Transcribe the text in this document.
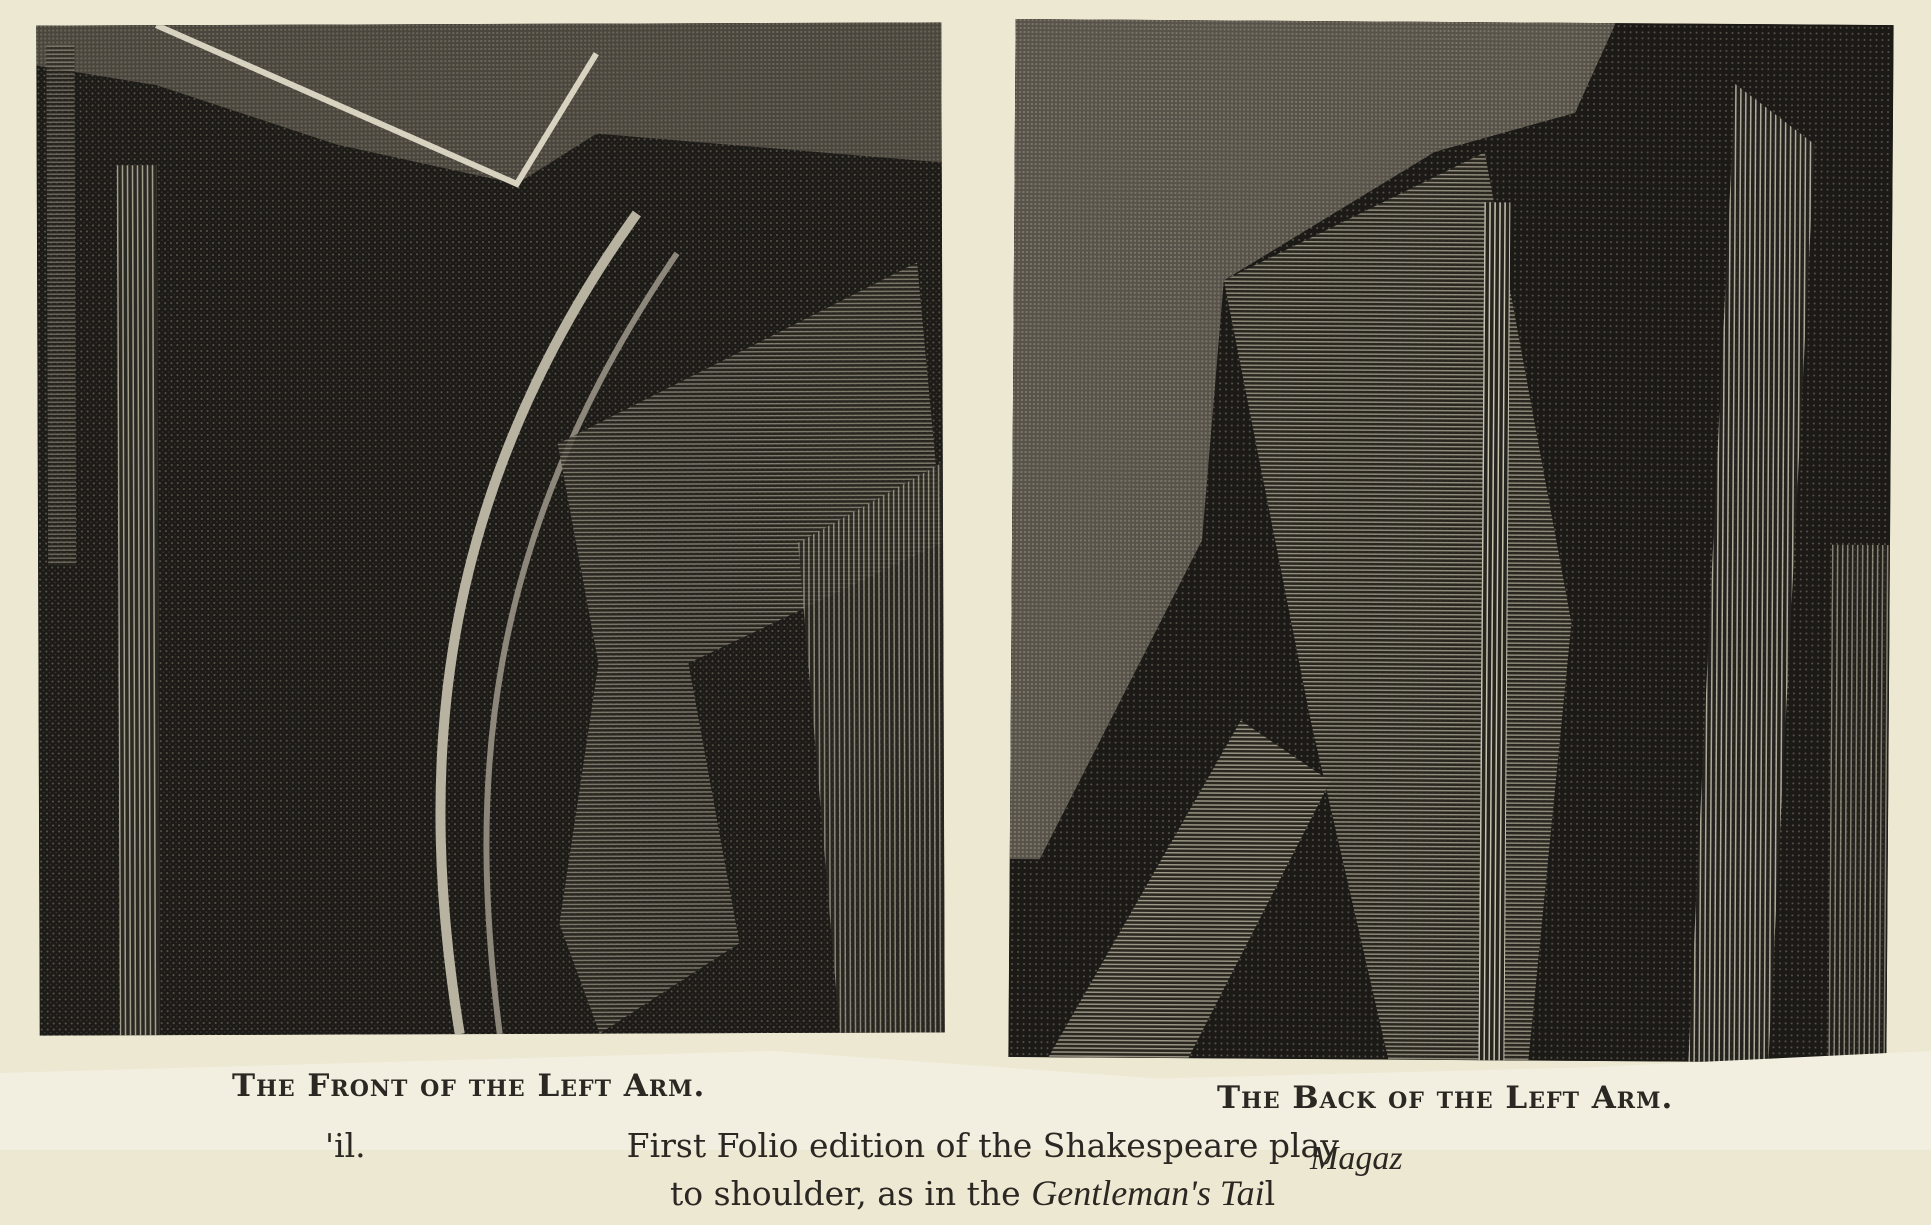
The Front of the Left Arm.	The Back of the Left Arm.
'il.	First Folio edition of the Shakespeare play
Magaz
to shoulder, as in the Gentleman's Tail
